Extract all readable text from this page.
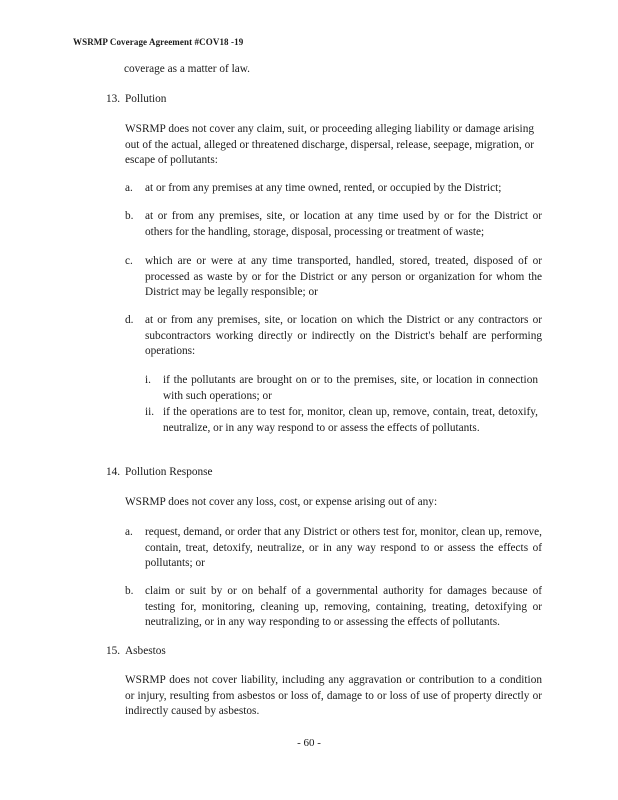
WSRMP Coverage Agreement #COV18 -19
coverage as a matter of law.
13. Pollution
WSRMP does not cover any claim, suit, or proceeding alleging liability or damage arising out of the actual, alleged or threatened discharge, dispersal, release, seepage, migration, or escape of pollutants:
a. at or from any premises at any time owned, rented, or occupied by the District;
b. at or from any premises, site, or location at any time used by or for the District or others for the handling, storage, disposal, processing or treatment of waste;
c. which are or were at any time transported, handled, stored, treated, disposed of or processed as waste by or for the District or any person or organization for whom the District may be legally responsible; or
d. at or from any premises, site, or location on which the District or any contractors or subcontractors working directly or indirectly on the District's behalf are performing operations:
i. if the pollutants are brought on or to the premises, site, or location in connection with such operations; or
ii. if the operations are to test for, monitor, clean up, remove, contain, treat, detoxify, neutralize, or in any way respond to or assess the effects of pollutants.
14. Pollution Response
WSRMP does not cover any loss, cost, or expense arising out of any:
a. request, demand, or order that any District or others test for, monitor, clean up, remove, contain, treat, detoxify, neutralize, or in any way respond to or assess the effects of pollutants; or
b. claim or suit by or on behalf of a governmental authority for damages because of testing for, monitoring, cleaning up, removing, containing, treating, detoxifying or neutralizing, or in any way responding to or assessing the effects of pollutants.
15. Asbestos
WSRMP does not cover liability, including any aggravation or contribution to a condition or injury, resulting from asbestos or loss of, damage to or loss of use of property directly or indirectly caused by asbestos.
- 60 -
